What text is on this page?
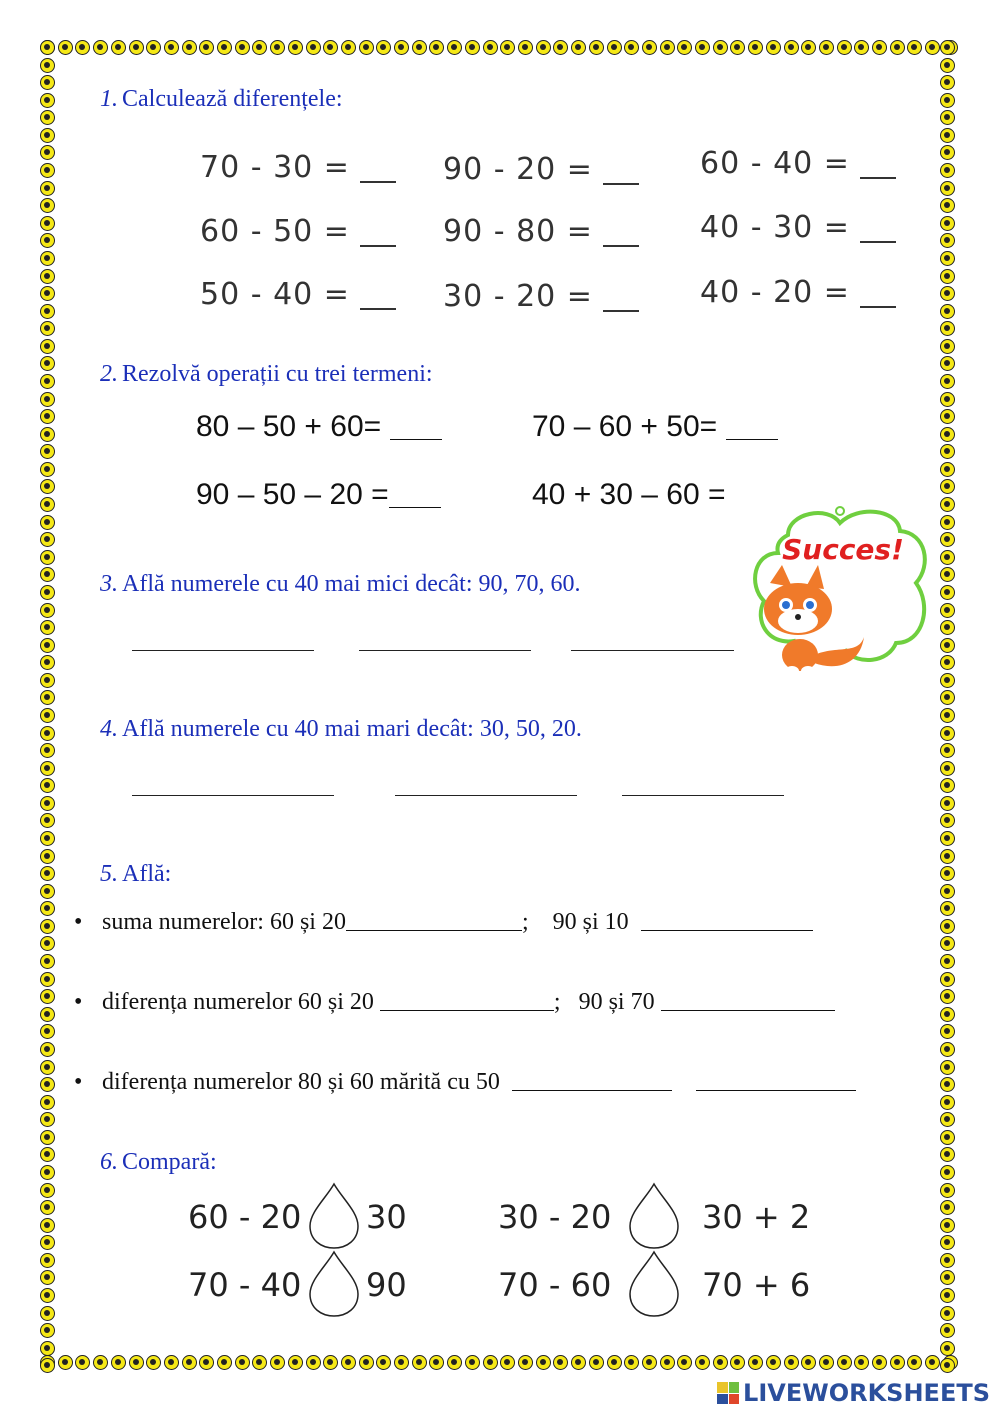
1. Calculează diferențele:
70 - 30 =	90 - 20 =	60 - 40 =
60 - 50 =	90 - 80 =	40 - 30 =
50 - 40 =	30 - 20 =	40 - 20 =
2. Rezolvă operații cu trei termeni:
80 – 50 + 60=	70 – 60 + 50=
90 – 50 – 20 =	40 + 30 – 60 =
Succes!
3. Află numerele cu 40 mai mici decât: 90, 70, 60.
4. Află numerele cu 40 mai mari decât: 30, 50, 20.
5. Află:
• suma numerelor: 60 și 20	; 90 și 10
• diferența numerelor 60 și 20	; 90 și 70
• diferența numerelor 80 și 60 mărită cu 50
6. Compară:
60 - 20 30	30 - 20	30 + 2
70 - 40 90	70 - 60	70 + 6
LIVEWORKSHEETS
